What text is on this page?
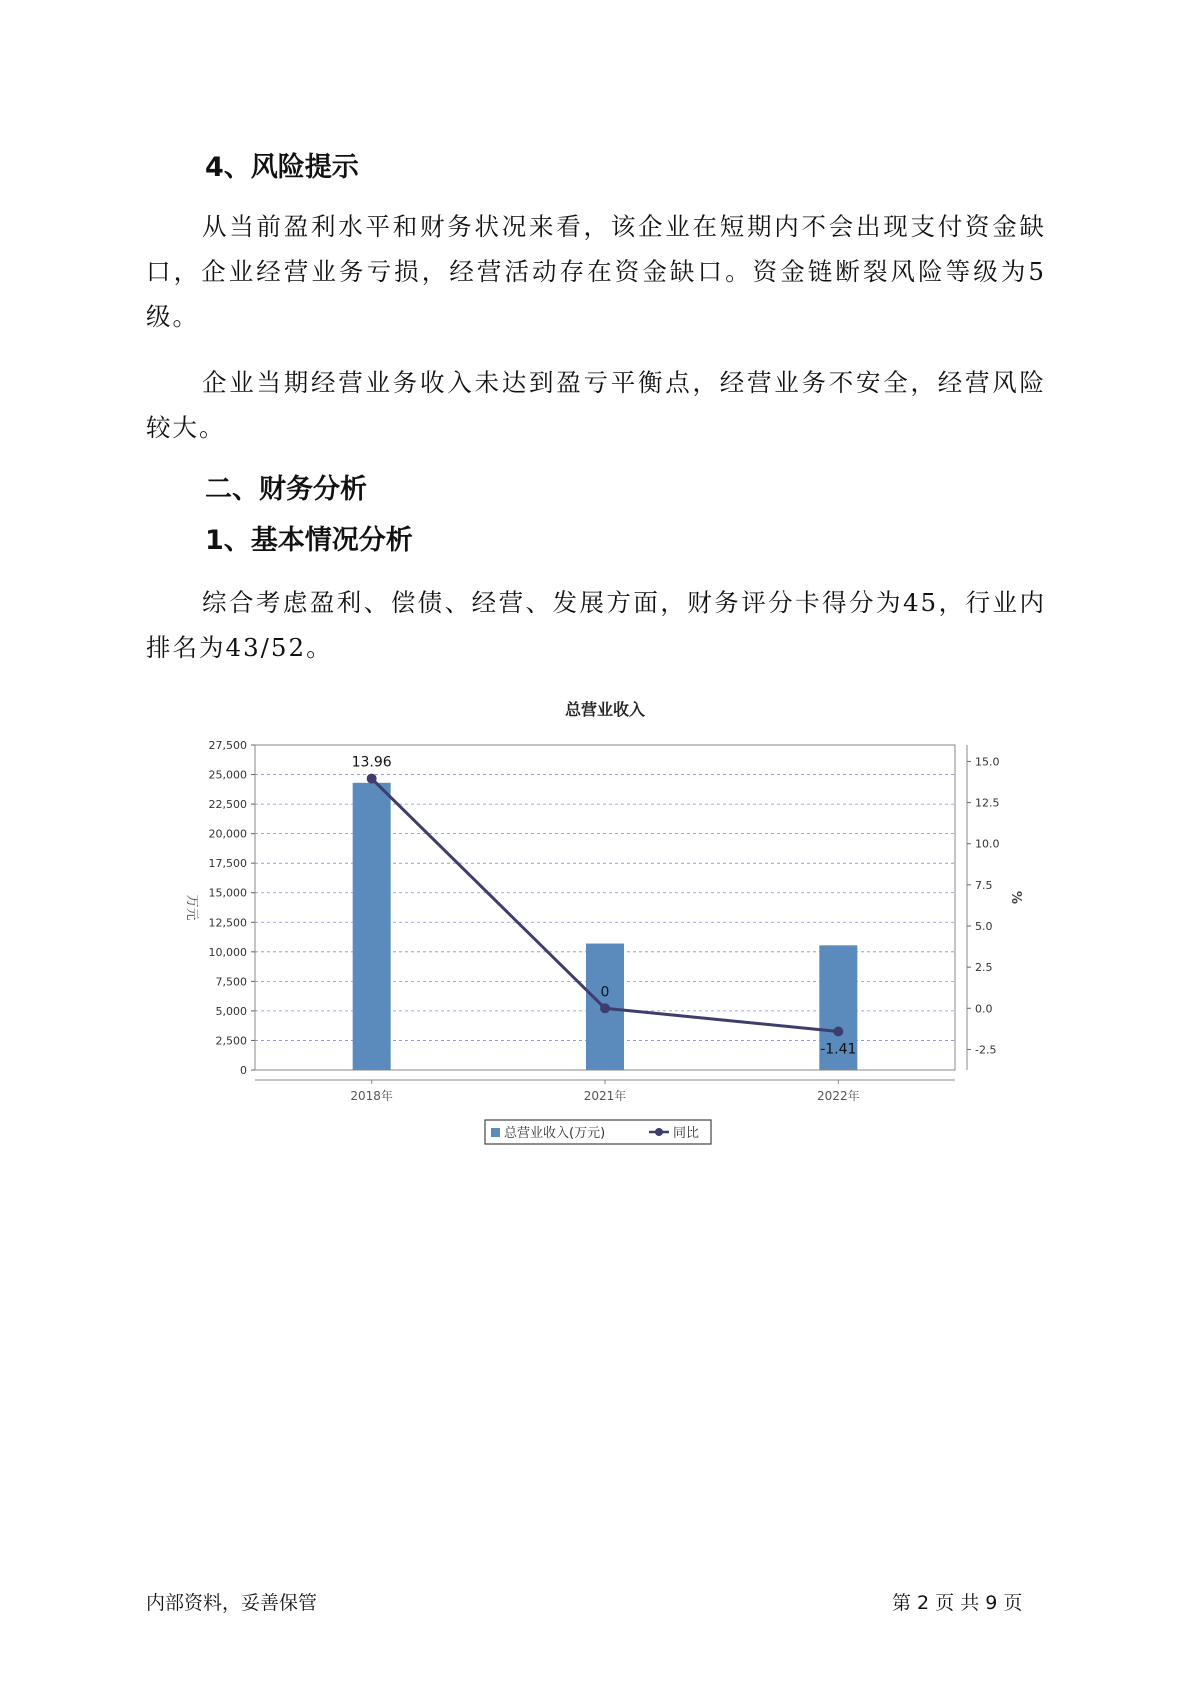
4、风险提示

从当前盈利水平和财务状况来看，该企业在短期内不会出现支付资金缺口，企业经营业务亏损，经营活动存在资金缺口。资金链断裂风险等级为5级。

企业当期经营业务收入未达到盈亏平衡点，经营业务不安全，经营风险较大。

二、财务分析
1、基本情况分析

综合考虑盈利、偿债、经营、发展方面，财务评分卡得分为45，行业内排名为43/52。

总营业收入
0
2,500
5,000
7,500
10,000
12,500
15,000
17,500
20,000
22,500
25,000
27,500
万元
-2.5
0.0
2.5
5.0
7.5
10.0
12.5
15.0
%
2018年	2021年	2022年
13.96
0
-1.41
总营业收入(万元)	同比
内部资料，妥善保管	第 2 页 共 9 页
